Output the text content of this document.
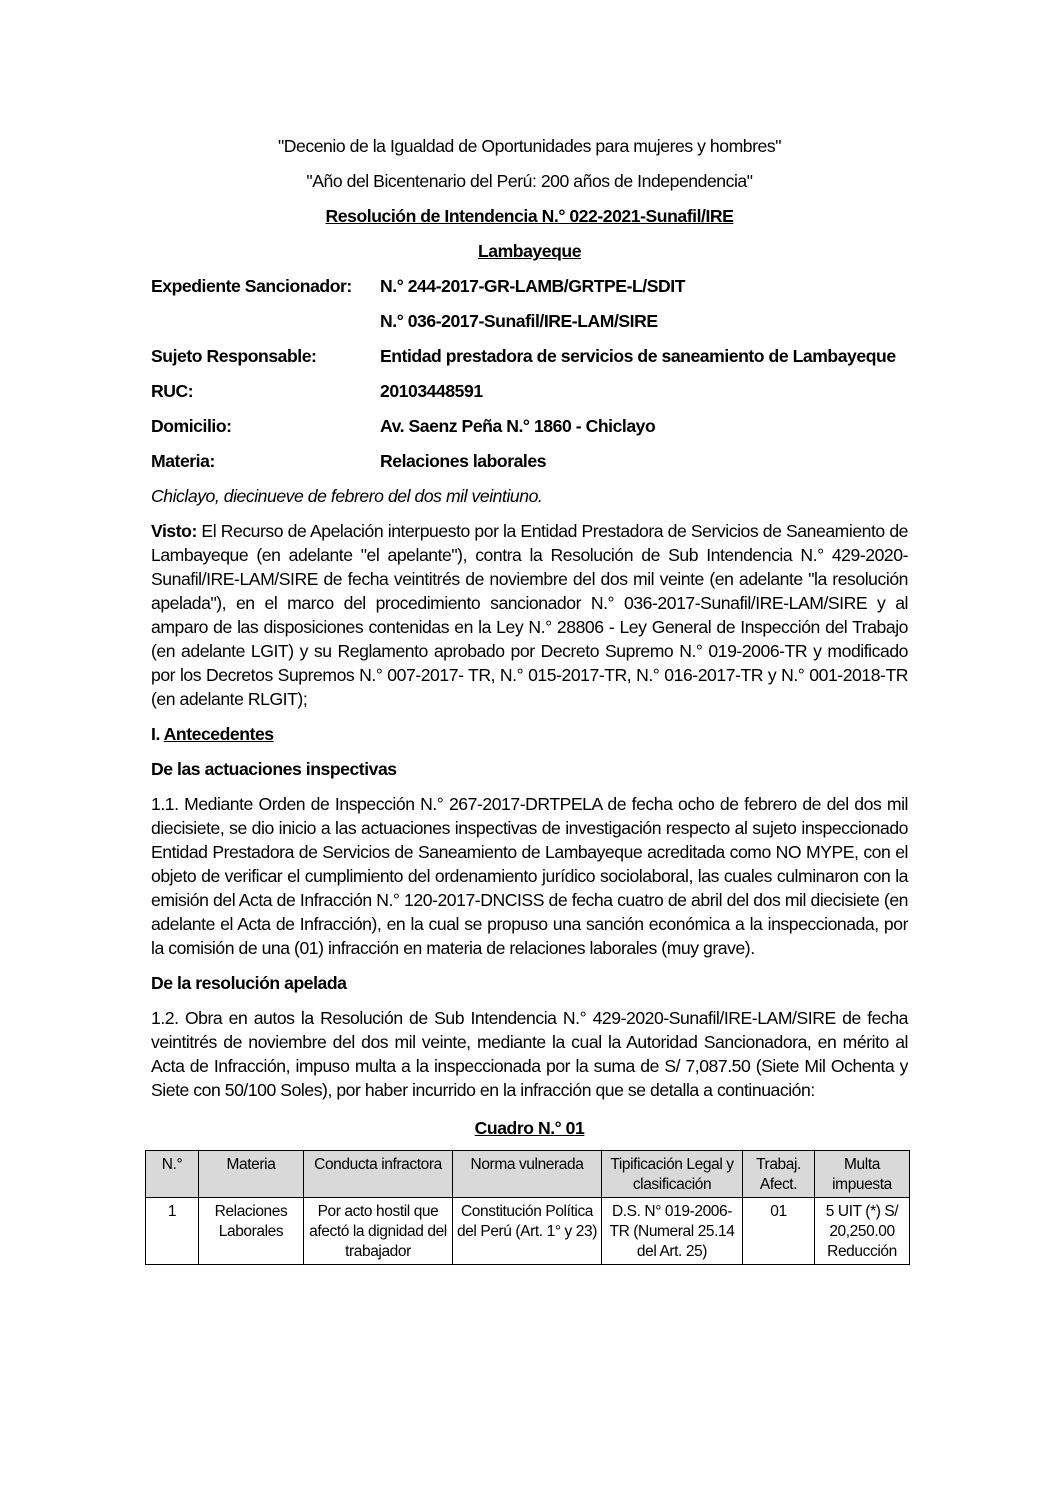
"Decenio de la Igualdad de Oportunidades para mujeres y hombres"

"Año del Bicentenario del Perú: 200 años de Independencia"

Resolución de Intendencia N.° 022-2021-Sunafil/IRE

Lambayeque

Expediente Sancionador:	N.° 244-2017-GR-LAMB/GRTPE-L/SDIT
	N.° 036-2017-Sunafil/IRE-LAM/SIRE
Sujeto Responsable:	Entidad prestadora de servicios de saneamiento de Lambayeque
RUC:	20103448591
Domicilio:	Av. Saenz Peña N.° 1860 - Chiclayo
Materia:	Relaciones laborales

Chiclayo, diecinueve de febrero del dos mil veintiuno.

Visto: El Recurso de Apelación interpuesto por la Entidad Prestadora de Servicios de Saneamiento de Lambayeque (en adelante "el apelante"), contra la Resolución de Sub Intendencia N.° 429-2020-Sunafil/IRE-LAM/SIRE de fecha veintitrés de noviembre del dos mil veinte (en adelante "la resolución apelada"), en el marco del procedimiento sancionador N.° 036-2017-Sunafil/IRE-LAM/SIRE y al amparo de las disposiciones contenidas en la Ley N.° 28806 - Ley General de Inspección del Trabajo (en adelante LGIT) y su Reglamento aprobado por Decreto Supremo N.° 019-2006-TR y modificado por los Decretos Supremos N.° 007-2017- TR, N.° 015-2017-TR, N.° 016-2017-TR y N.° 001-2018-TR (en adelante RLGIT);

I. Antecedentes

De las actuaciones inspectivas

1.1. Mediante Orden de Inspección N.° 267-2017-DRTPELA de fecha ocho de febrero de del dos mil diecisiete, se dio inicio a las actuaciones inspectivas de investigación respecto al sujeto inspeccionado Entidad Prestadora de Servicios de Saneamiento de Lambayeque acreditada como NO MYPE, con el objeto de verificar el cumplimiento del ordenamiento jurídico sociolaboral, las cuales culminaron con la emisión del Acta de Infracción N.° 120-2017-DNCISS de fecha cuatro de abril del dos mil diecisiete (en adelante el Acta de Infracción), en la cual se propuso una sanción económica a la inspeccionada, por la comisión de una (01) infracción en materia de relaciones laborales (muy grave).

De la resolución apelada

1.2. Obra en autos la Resolución de Sub Intendencia N.° 429-2020-Sunafil/IRE-LAM/SIRE de fecha veintitrés de noviembre del dos mil veinte, mediante la cual la Autoridad Sancionadora, en mérito al Acta de Infracción, impuso multa a la inspeccionada por la suma de S/ 7,087.50 (Siete Mil Ochenta y Siete con 50/100 Soles), por haber incurrido en la infracción que se detalla a continuación:

Cuadro N.° 01

N.°	Materia	Conducta infractora	Norma vulnerada	Tipificación Legal y clasificación	Trabaj. Afect.	Multa impuesta
1	Relaciones Laborales	Por acto hostil que afectó la dignidad del trabajador	Constitución Política del Perú (Art. 1° y 23)	D.S. N° 019-2006-TR (Numeral 25.14 del Art. 25)	01	5 UIT (*) S/ 20,250.00 Reducción
